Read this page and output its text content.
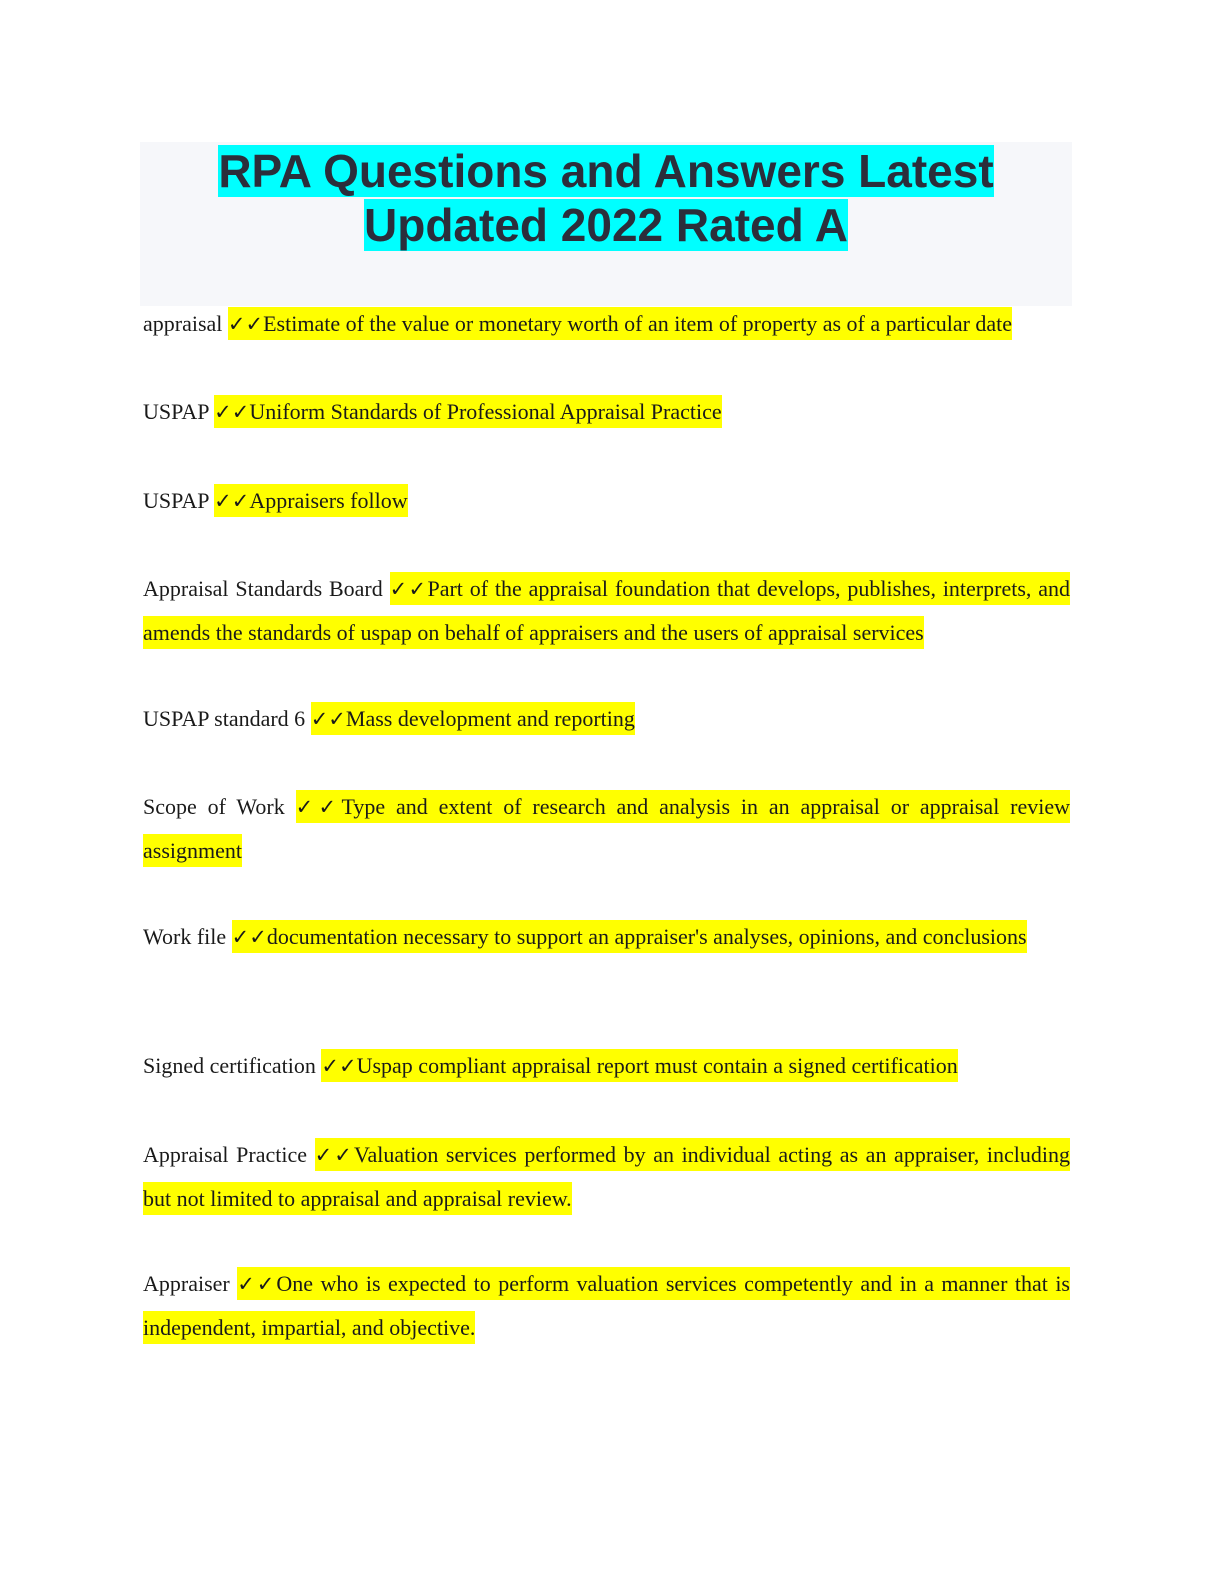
RPA Questions and Answers Latest
Updated 2022 Rated A
appraisal ✓✓Estimate of the value or monetary worth of an item of property as of a particular date
USPAP ✓✓Uniform Standards of Professional Appraisal Practice
USPAP ✓✓Appraisers follow
Appraisal Standards Board ✓✓Part of the appraisal foundation that develops, publishes, interprets, and amends the standards of uspap on behalf of appraisers and the users of appraisal services
USPAP standard 6 ✓✓Mass development and reporting
Scope of Work ✓✓Type and extent of research and analysis in an appraisal or appraisal review assignment
Work file ✓✓documentation necessary to support an appraiser's analyses, opinions, and conclusions
Signed certification ✓✓Uspap compliant appraisal report must contain a signed certification
Appraisal Practice ✓✓Valuation services performed by an individual acting as an appraiser, including but not limited to appraisal and appraisal review.
Appraiser ✓✓One who is expected to perform valuation services competently and in a manner that is independent, impartial, and objective.
